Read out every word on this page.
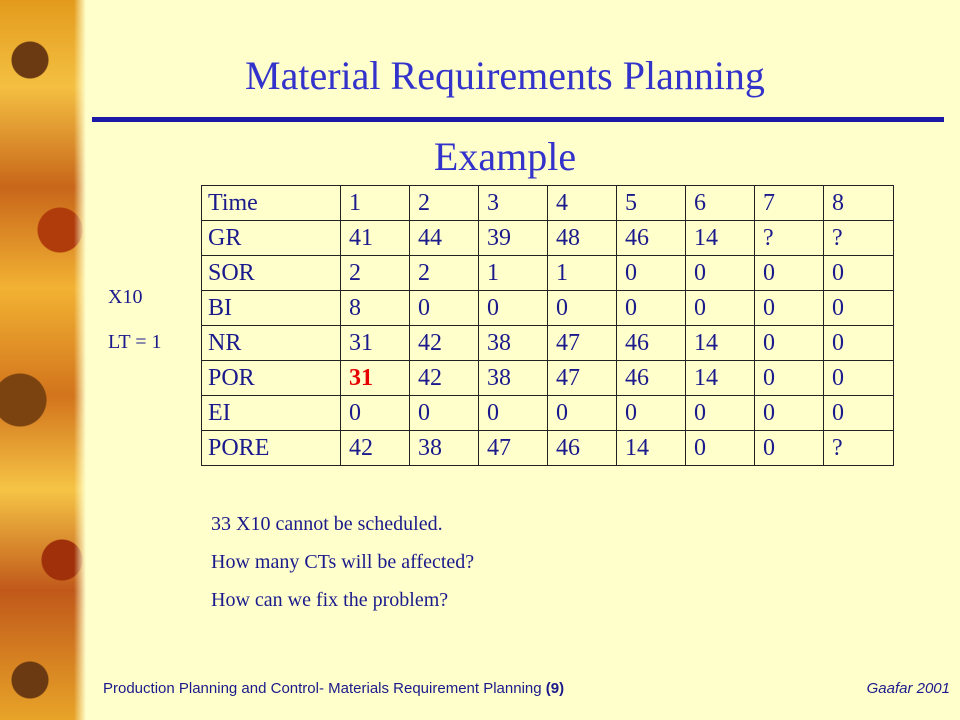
Material Requirements Planning
Example
X10
LT = 1
Time	1	2	3	4	5	6	7	8
GR	41	44	39	48	46	14	?	?
SOR	2	2	1	1	0	0	0	0
BI	8	0	0	0	0	0	0	0
NR	31	42	38	47	46	14	0	0
POR	31	42	38	47	46	14	0	0
EI	0	0	0	0	0	0	0	0
PORE	42	38	47	46	14	0	0	?
33 X10 cannot be scheduled.
How many CTs will be affected?
How can we fix the problem?
Production Planning and Control- Materials Requirement Planning (9)	Gaafar 2001
